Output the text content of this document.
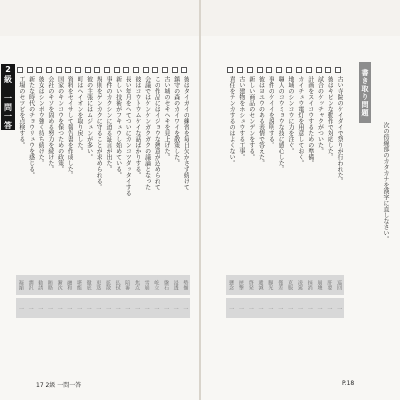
2級 一問一答	書き取り問題
次の傍線部のカタカナを漢字に直しなさい。
彼はタイガイの練習を毎日欠かさず続けて
勢揃
一
鎮守の森のカイワイを散策した。
浸透
一
古い城のセキヘキを見上げた。
盤石
一
この作品にはイジョウな熱意が込められて
屹立
一
会議ではケンケンガクガクの議論となった
雪崩
一
彼はコウトウムケイな話ばかりする。
焦点
一
長い年月をへてついにカンコツダッタイする
陪審
一
新しい技術がフキュウし始めている。
払拭
一
事件のカクシンに迫る証言が出た。
拡散
一
規則をゲンカクに守ることが求められる。
更迭
一
彼の主張にはムジュンが多い。
徹底
一
町はヘイオンを取り戻した。
堪能
一
資料をセイサして報告書を作成した。
融和
一
国家のキンコウを保つための政策。
漸次
一
会社のキソを固める努力を続けた。
賄賂
一
彼女はシンボウ強く待ち続けた。
勧誘
一
新たな時代のチョウリュウを感じる。
潤沢
一
工場のセツビを点検する。
凝縮
一
古い寺院のケイダイで祭りが行われた。
巡回
一
彼はキビンな動作で対応した。
肝要
一
試合のケッチャクがついた。
崩壊
一
計画をスイコウするための準備。
抹消
一
カイチュウ電灯を用意しておく。
凌駕
一
地域のシンコウに力を注ぐ。
克服
一
職人のコウミョウな技に感心した。
僅差
一
事件のケイイを説明する。
脚光
一
彼はヨユウのある表情で答えた。
逓減
一
新しい商品のセンデンをする。
啓発
一
古い建物をホシュウする工事。
挟撃
一
責任をテンカするのはよくない。
懸念
一
17 2級 一問一答	P.18
